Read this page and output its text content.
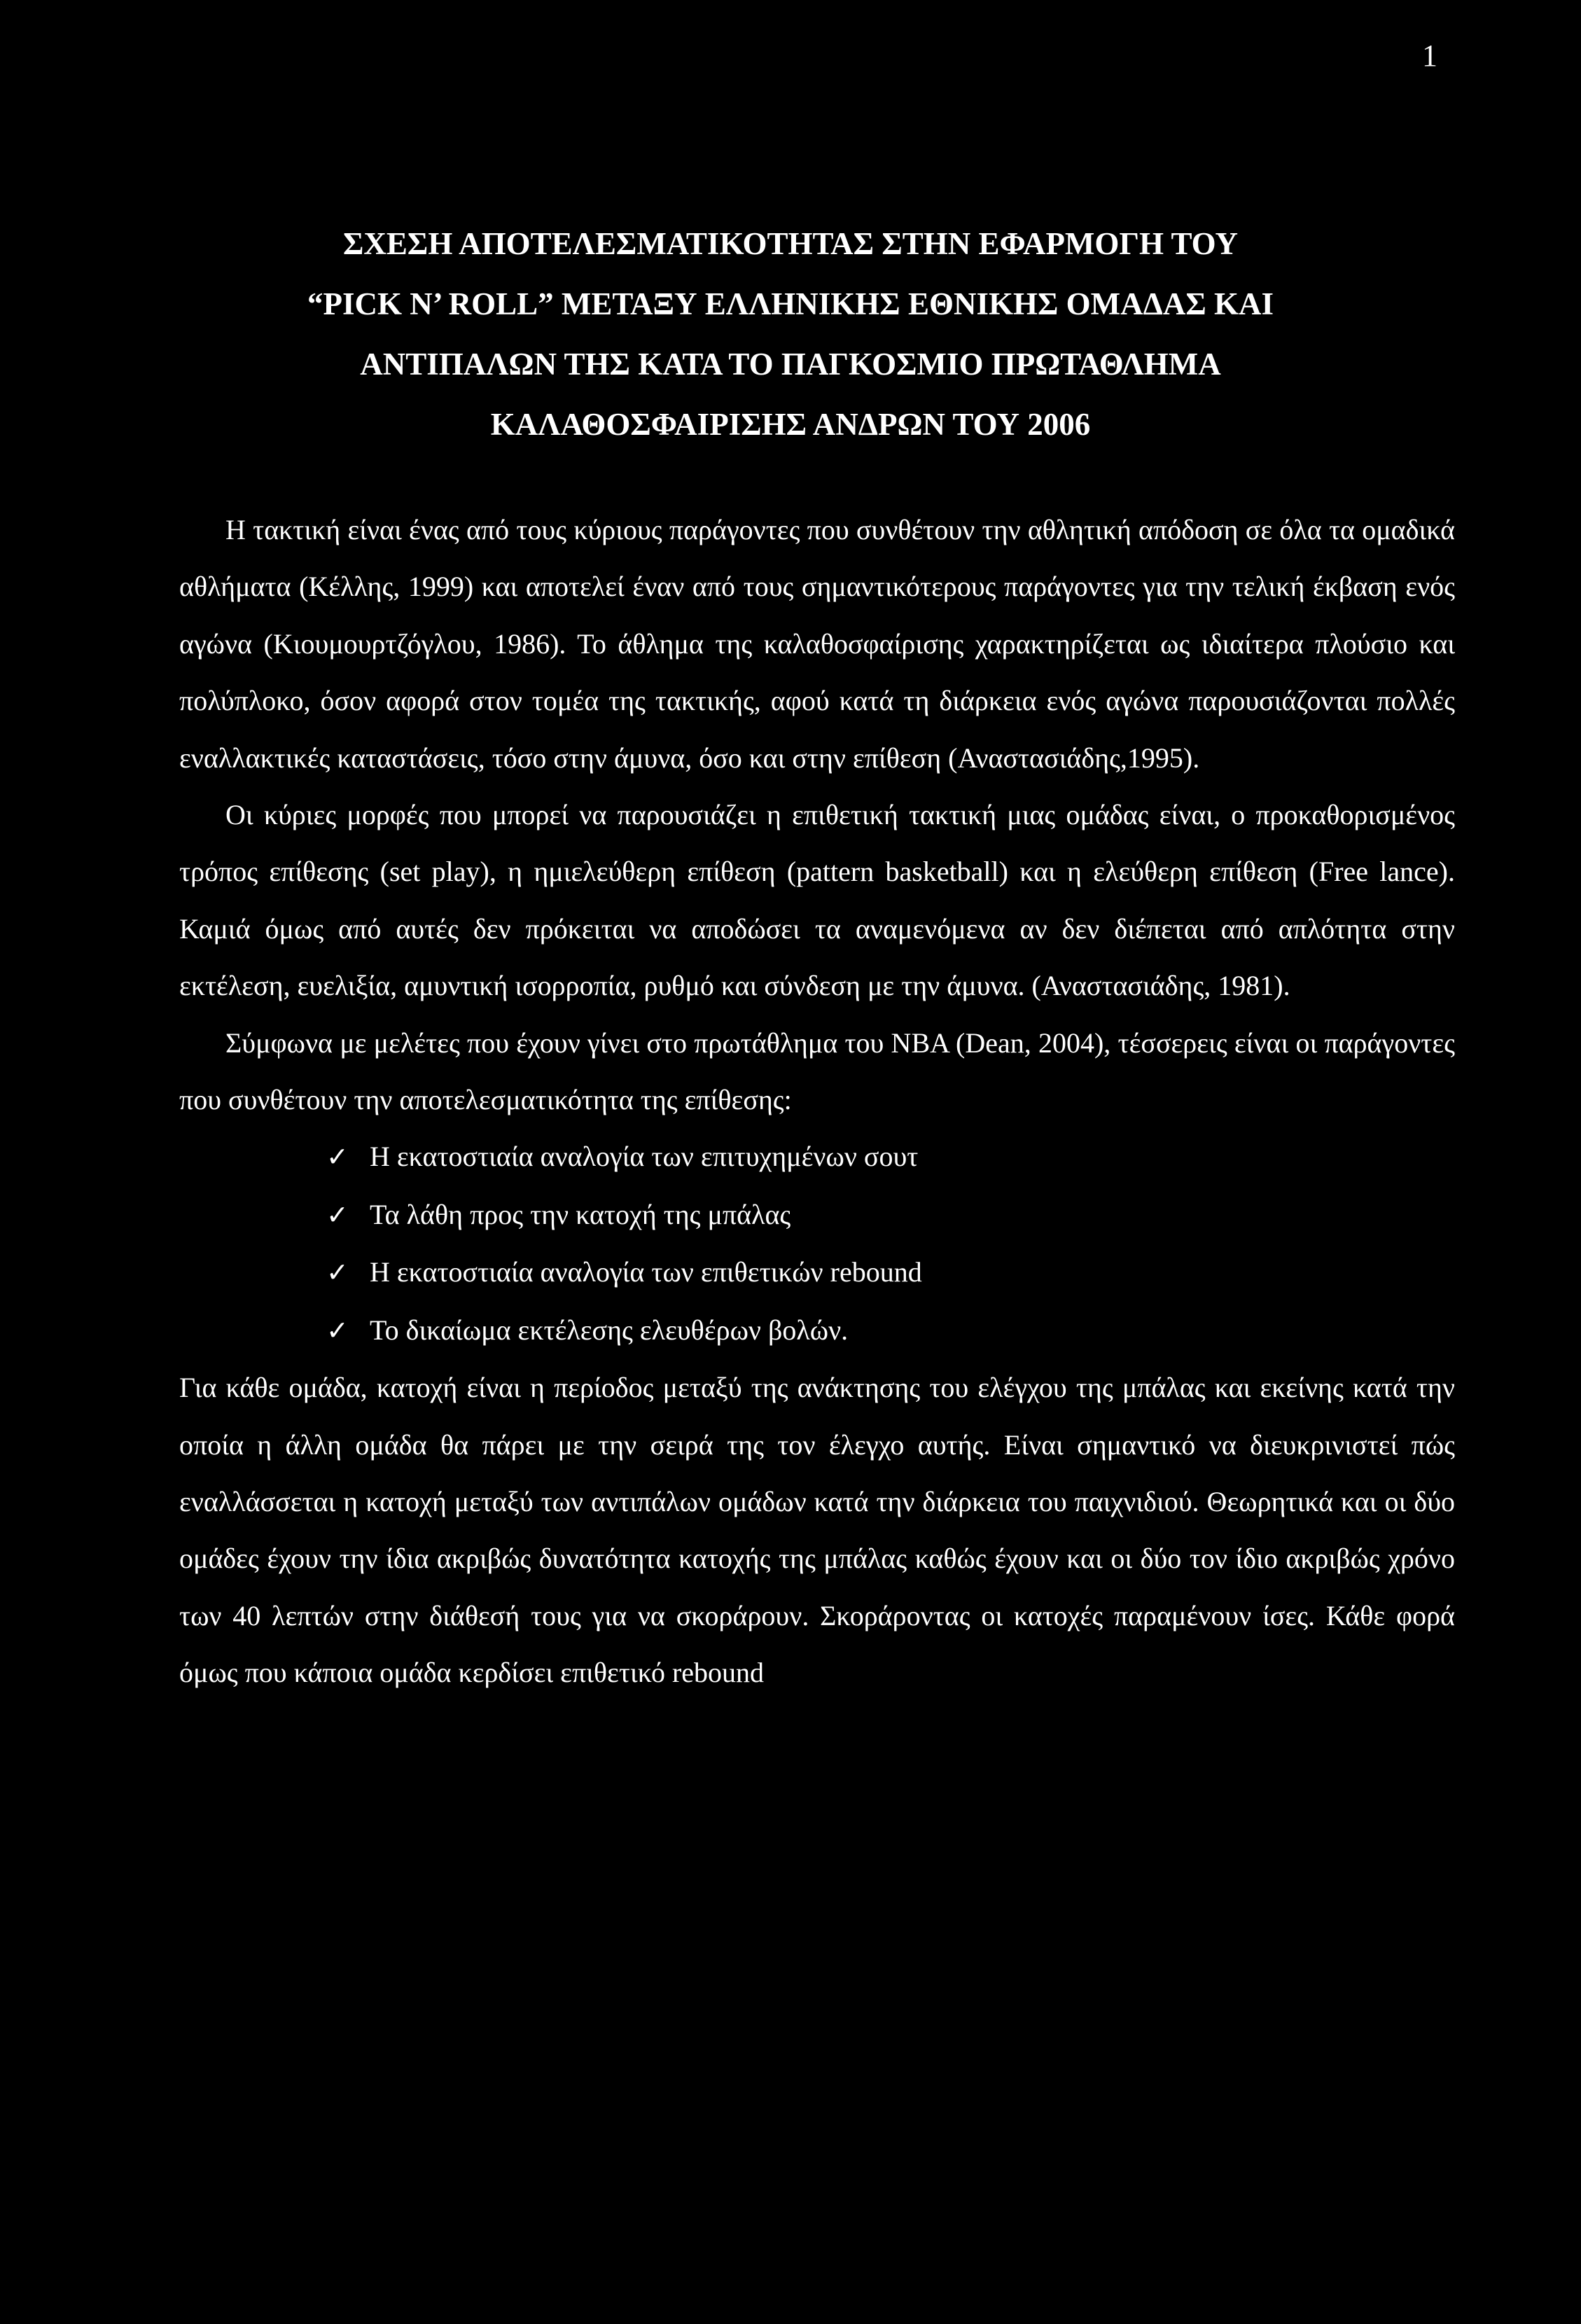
1
ΣΧΕΣΗ ΑΠΟΤΕΛΕΣΜΑΤΙΚΟΤΗΤΑΣ ΣΤΗΝ ΕΦΑΡΜΟΓΗ ΤΟΥ
“PICK N’ ROLL” ΜΕΤΑΞΥ ΕΛΛΗΝΙΚΗΣ ΕΘΝΙΚΗΣ ΟΜΑΔΑΣ ΚΑΙ
ΑΝΤΙΠΑΛΩΝ ΤΗΣ ΚΑΤΑ ΤΟ ΠΑΓΚΟΣΜΙΟ ΠΡΩΤΑΘΛΗΜΑ
ΚΑΛΑΘΟΣΦΑΙΡΙΣΗΣ ΑΝΔΡΩΝ ΤΟΥ 2006

Η τακτική είναι ένας από τους κύριους παράγοντες που συνθέτουν την αθλητική απόδοση σε όλα τα ομαδικά αθλήματα (Κέλλης, 1999) και αποτελεί έναν από τους σημαντικότερους παράγοντες για την τελική έκβαση ενός αγώνα (Κιουμουρτζόγλου, 1986). Το άθλημα της καλαθοσφαίρισης χαρακτηρίζεται ως ιδιαίτερα πλούσιο και πολύπλοκο, όσον αφορά στον τομέα της τακτικής, αφού κατά τη διάρκεια ενός αγώνα παρουσιάζονται πολλές εναλλακτικές καταστάσεις, τόσο στην άμυνα, όσο και στην επίθεση (Αναστασιάδης,1995).

Οι κύριες μορφές που μπορεί να παρουσιάζει η επιθετική τακτική μιας ομάδας είναι, ο προκαθορισμένος τρόπος επίθεσης (set play), η ημιελεύθερη επίθεση (pattern basketball) και η ελεύθερη επίθεση (Free lance). Καμιά όμως από αυτές δεν πρόκειται να αποδώσει τα αναμενόμενα αν δεν διέπεται από απλότητα στην εκτέλεση, ευελιξία, αμυντική ισορροπία, ρυθμό και σύνδεση με την άμυνα. (Αναστασιάδης, 1981).

Σύμφωνα με μελέτες που έχουν γίνει στο πρωτάθλημα του ΝΒΑ (Dean, 2004), τέσσερεις είναι οι παράγοντες που συνθέτουν την αποτελεσματικότητα της επίθεσης:

✓ Η εκατοστιαία αναλογία των επιτυχημένων σουτ
✓ Τα λάθη προς την κατοχή της μπάλας
✓ Η εκατοστιαία αναλογία των επιθετικών rebound
✓ Το δικαίωμα εκτέλεσης ελευθέρων βολών.

Για κάθε ομάδα, κατοχή είναι η περίοδος μεταξύ της ανάκτησης του ελέγχου της μπάλας και εκείνης κατά την οποία η άλλη ομάδα θα πάρει με την σειρά της τον έλεγχο αυτής. Είναι σημαντικό να διευκρινιστεί πώς εναλλάσσεται η κατοχή μεταξύ των αντιπάλων ομάδων κατά την διάρκεια του παιχνιδιού. Θεωρητικά και οι δύο ομάδες έχουν την ίδια ακριβώς δυνατότητα κατοχής της μπάλας καθώς έχουν και οι δύο τον ίδιο ακριβώς χρόνο των 40 λεπτών στην διάθεσή τους για να σκοράρουν. Σκοράροντας οι κατοχές παραμένουν ίσες. Κάθε φορά όμως που κάποια ομάδα κερδίσει επιθετικό rebound
